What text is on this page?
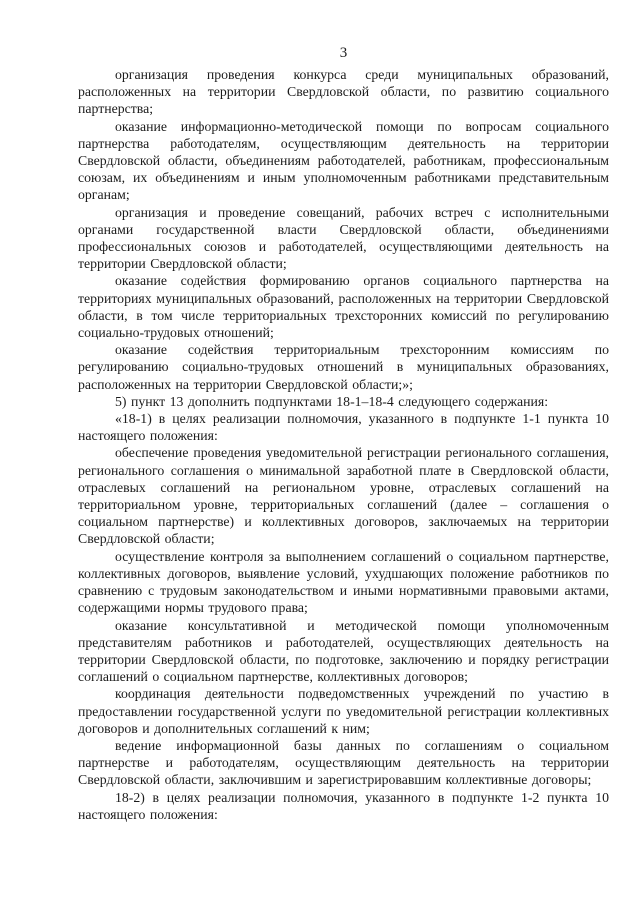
3

организация проведения конкурса среди муниципальных образований, расположенных на территории Свердловской области, по развитию социального партнерства;

оказание информационно-методической помощи по вопросам социального партнерства работодателям, осуществляющим деятельность на территории Свердловской области, объединениям работодателей, работникам, профессиональным союзам, их объединениям и иным уполномоченным работниками представительным органам;

организация и проведение совещаний, рабочих встреч с исполнительными органами государственной власти Свердловской области, объединениями профессиональных союзов и работодателей, осуществляющими деятельность на территории Свердловской области;

оказание содействия формированию органов социального партнерства на территориях муниципальных образований, расположенных на территории Свердловской области, в том числе территориальных трехсторонних комиссий по регулированию социально-трудовых отношений;

оказание содействия территориальным трехсторонним комиссиям по регулированию социально-трудовых отношений в муниципальных образованиях, расположенных на территории Свердловской области;»;

5) пункт 13 дополнить подпунктами 18-1–18-4 следующего содержания:

«18-1) в целях реализации полномочия, указанного в подпункте 1-1 пункта 10 настоящего положения:

обеспечение проведения уведомительной регистрации регионального соглашения, регионального соглашения о минимальной заработной плате в Свердловской области, отраслевых соглашений на региональном уровне, отраслевых соглашений на территориальном уровне, территориальных соглашений (далее – соглашения о социальном партнерстве) и коллективных договоров, заключаемых на территории Свердловской области;

осуществление контроля за выполнением соглашений о социальном партнерстве, коллективных договоров, выявление условий, ухудшающих положение работников по сравнению с трудовым законодательством и иными нормативными правовыми актами, содержащими нормы трудового права;

оказание консультативной и методической помощи уполномоченным представителям работников и работодателей, осуществляющих деятельность на территории Свердловской области, по подготовке, заключению и порядку регистрации соглашений о социальном партнерстве, коллективных договоров;

координация деятельности подведомственных учреждений по участию в предоставлении государственной услуги по уведомительной регистрации коллективных договоров и дополнительных соглашений к ним;

ведение информационной базы данных по соглашениям о социальном партнерстве и работодателям, осуществляющим деятельность на территории Свердловской области, заключившим и зарегистрировавшим коллективные договоры;

18-2) в целях реализации полномочия, указанного в подпункте 1-2 пункта 10 настоящего положения:
